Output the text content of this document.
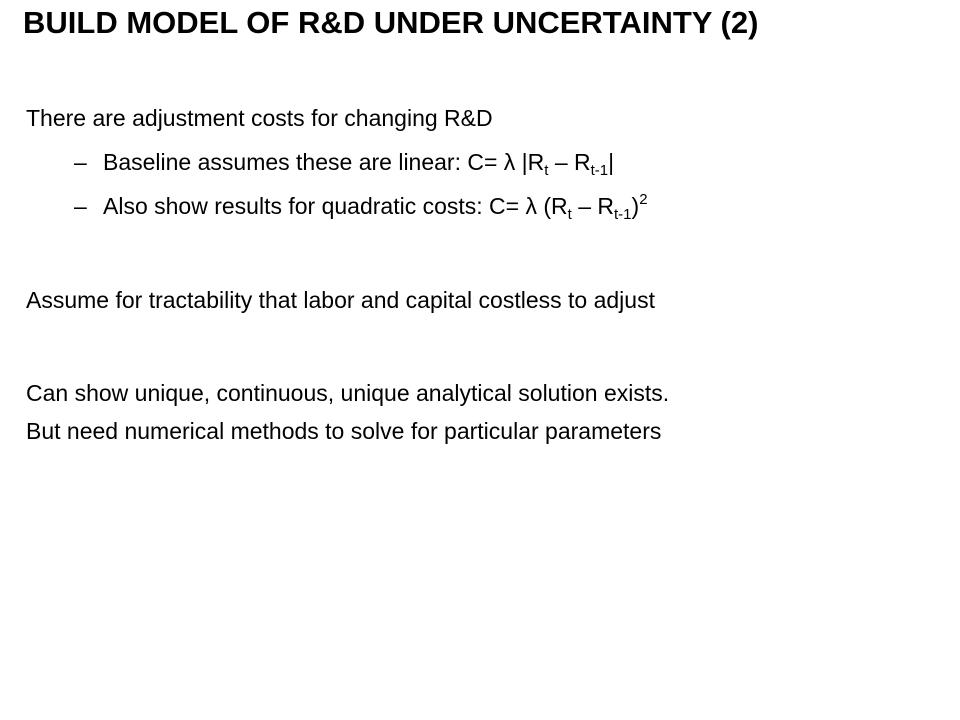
BUILD MODEL OF R&D UNDER UNCERTAINTY (2)
There are adjustment costs for changing R&D
– Baseline assumes these are linear: C= λ $|R_t - R_{t-1}|$
– Also show results for quadratic costs: C= λ $(R_t - R_{t-1})^2$
Assume for tractability that labor and capital costless to adjust
Can show unique, continuous, unique analytical solution exists.
But need numerical methods to solve for particular parameters
